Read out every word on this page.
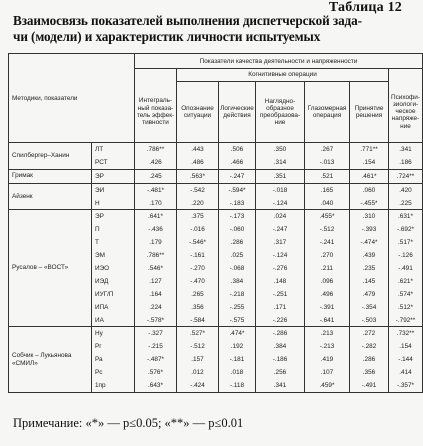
Таблица 12
Взаимосвязь показателей выполнения диспетчерской зада-
чи (модели) и характеристик личности испытуемых
Методики, показатели		Показатели качества деятельности и напряженности						
			Когнитивные операции					
		Интеграль-ный показа-тель эффек-тивности	Опознание ситуации	Логические действия	Наглядно-образное преобразова-ние	Глазомерная операция	Принятие решения	Психофи-зиологи-ческое напряже-ние
Спилбергер–Ханин	ЛТ	.786**	.443	.506	.350	.267	.771**	.341
	РСТ	.426	.486	.466	.314	-.013	.154	.186
Гримак	ЭР	.245	.563*	-.247	.351	.521	.461*	.724**
Айзенк	ЭИ	-.481*	-.542	-.594*	-.018	.165	.060	.420
	Н	.170	.220	-.183	-.124	.040	-.455*	.225
Русалов – «ВОСТ»	ЭР	.641*	.375	-.173	.024	.455*	.310	.631*
	П	-.436	-.016	-.060	-.247	-.512	-.393	-.692*
	Т	.179	-.546*	.286	.317	-.241	-.474*	.517*
	ЭМ	.786**	-.161	.025	-.124	.270	.439	-.126
	ИЭО	.546*	-.270	-.068	-.276	.211	.235	-.491
	ИЭД	.127	-.470	.384	.148	.096	.145	.621*
	ИУГ/П	.164	.265	-.218	-.251	.496	.479	.574*
	ИПА	.224	.356	-.255	.171	-.391	-.354	.512*
	ИА	-.578*	-.584	-.575	-.226	-.641	-.503	-.792**
Собчик – Лукьянова «СМИЛ»	Ну	-.327	.527*	.474*	-.286	.213	.272	.732**
	Рг	-.215	-.512	.192	.384	-.213	-.282	.154
	Ра	-.487*	.157	-.181	-.186	.419	.286	-.144
	Рс	.576*	.012	.018	.256	.107	.356	.414
	1пр	.643*	-.424	-.118	.341	.459*	-.491	-.357*
Примечание: «*» — p≤0.05; «**» — p≤0.01
